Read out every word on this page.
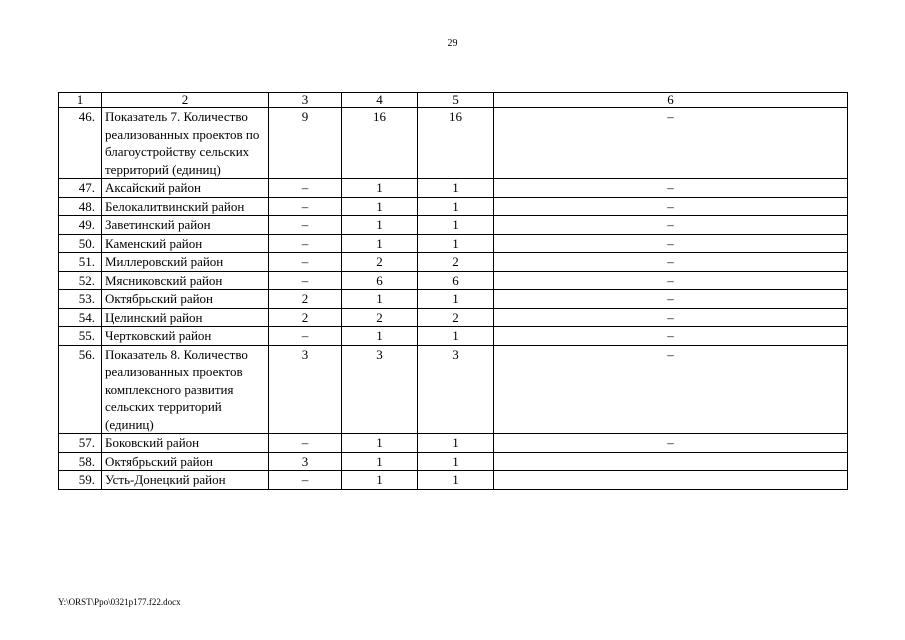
29
1	2	3	4	5	6
46.	Показатель 7. Количество реализованных проектов по благоустройству сельских территорий (единиц)	9	16	16	–
47.	Аксайский район	–	1	1	–
48.	Белокалитвинский район	–	1	1	–
49.	Заветинский район	–	1	1	–
50.	Каменский район	–	1	1	–
51.	Миллеровский район	–	2	2	–
52.	Мясниковский район	–	6	6	–
53.	Октябрьский район	2	1	1	–
54.	Целинский район	2	2	2	–
55.	Чертковский район	–	1	1	–
56.	Показатель 8. Количество реализованных проектов комплексного развития сельских территорий (единиц)	3	3	3	–
57.	Боковский район	–	1	1	–
58.	Октябрьский район	3	1	1	
59.	Усть-Донецкий район	–	1	1	
Y:\ORST\Ppo\0321p177.f22.docx
